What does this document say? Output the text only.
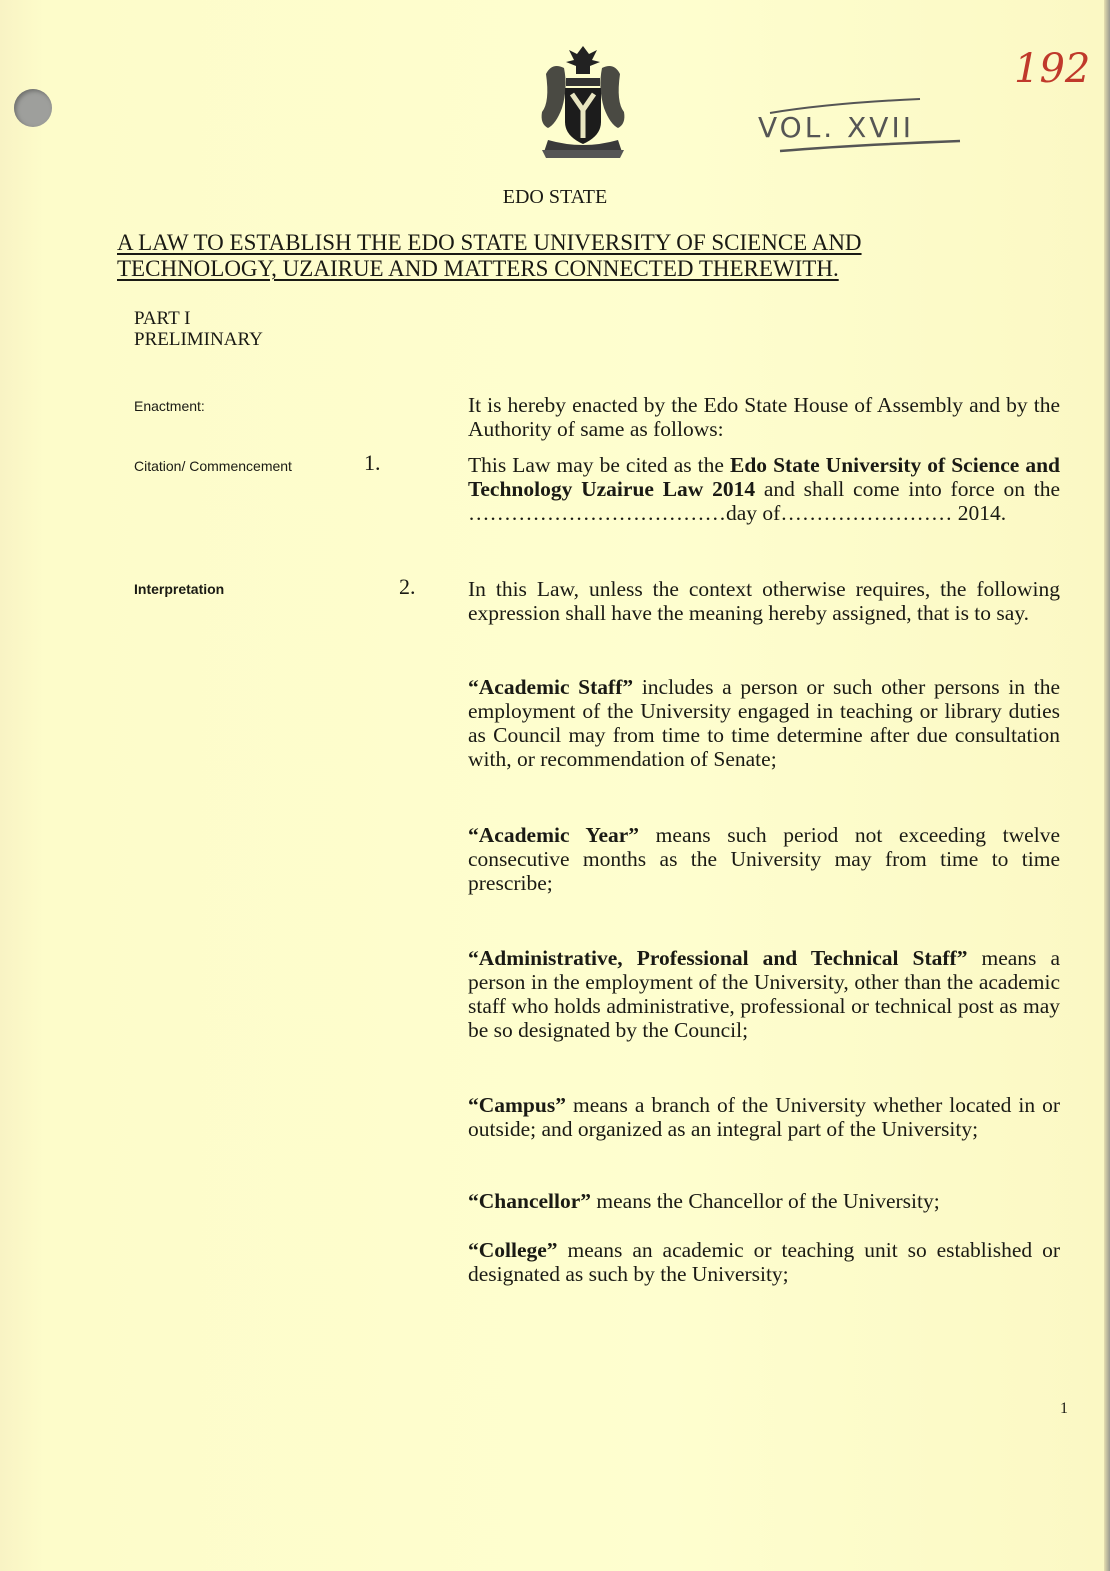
VOL. XVII
192
EDO STATE
A LAW TO ESTABLISH THE EDO STATE UNIVERSITY OF SCIENCE AND
TECHNOLOGY, UZAIRUE AND MATTERS CONNECTED THEREWITH.
PART I
PRELIMINARY
Enactment:	It is hereby enacted by the Edo State House of Assembly and by the Authority of same as follows:
Citation/ Commencement	1.	This Law may be cited as the Edo State University of Science and Technology Uzairue Law 2014 and shall come into force on the ………………………………day of…………………… 2014.
Interpretation	2. In this Law, unless the context otherwise requires, the following expression shall have the meaning hereby assigned, that is to say.
“Academic Staff” includes a person or such other persons in the employment of the University engaged in teaching or library duties as Council may from time to time determine after due consultation with, or recommendation of Senate;
“Academic Year” means such period not exceeding twelve consecutive months as the University may from time to time prescribe;
“Administrative, Professional and Technical Staff” means a person in the employment of the University, other than the academic staff who holds administrative, professional or technical post as may be so designated by the Council;
“Campus” means a branch of the University whether located in or outside; and organized as an integral part of the University;
“Chancellor” means the Chancellor of the University;
“College” means an academic or teaching unit so established or designated as such by the University;
1
